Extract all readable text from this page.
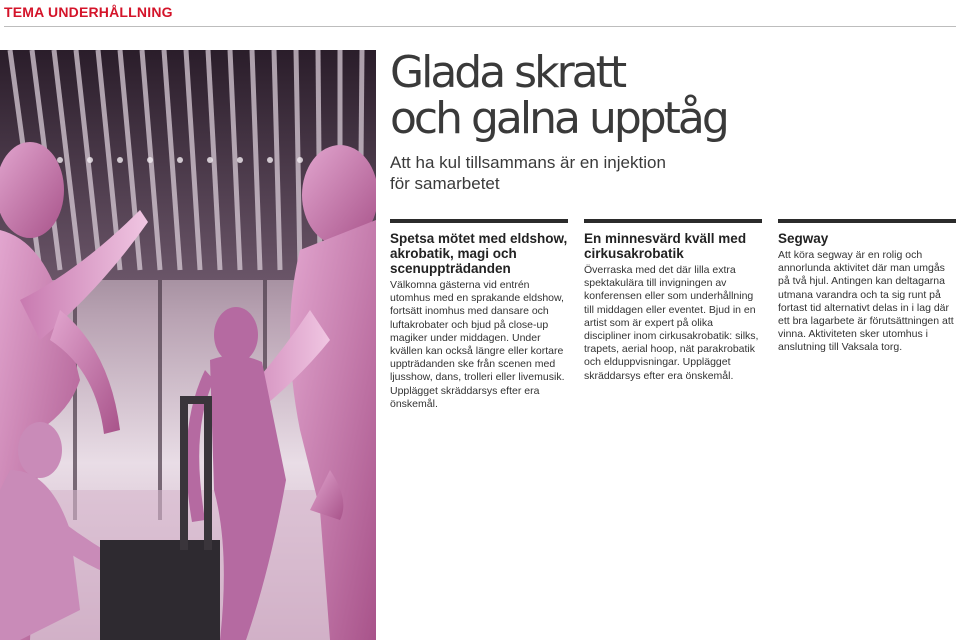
TEMA UNDERHÅLLNING
Glada skratt
och galna upptåg
Att ha kul tillsammans är en injektion
för samarbetet
Spetsa mötet med eldshow, akrobatik, magi och scenuppträdanden

Välkomna gästerna vid entrén utomhus med en sprakande eldshow, fortsätt inomhus med dansare och luftakrobater och bjud på close-up magiker under middagen. Under kvällen kan också längre eller kortare uppträdanden ske från scenen med ljusshow, dans, trolleri eller livemusik. Upplägget skräddarsys efter era önskemål.

En minnesvärd kväll med cirkusakrobatik

Överraska med det där lilla extra spektakulära till invigningen av konferensen eller som underhållning till middagen eller eventet. Bjud in en artist som är expert på olika discipliner inom cirkusakrobatik: silks, trapets, aerial hoop, nät parakrobatik och elduppvisningar. Upplägget skräddarsys efter era önskemål.

Segway

Att köra segway är en rolig och annorlunda aktivitet där man umgås på två hjul. Antingen kan deltagarna utmana varandra och ta sig runt på fortast tid alternativt delas in i lag där ett bra lagarbete är förutsättningen att vinna. Aktiviteten sker utomhus i anslutning till Vaksala torg.
